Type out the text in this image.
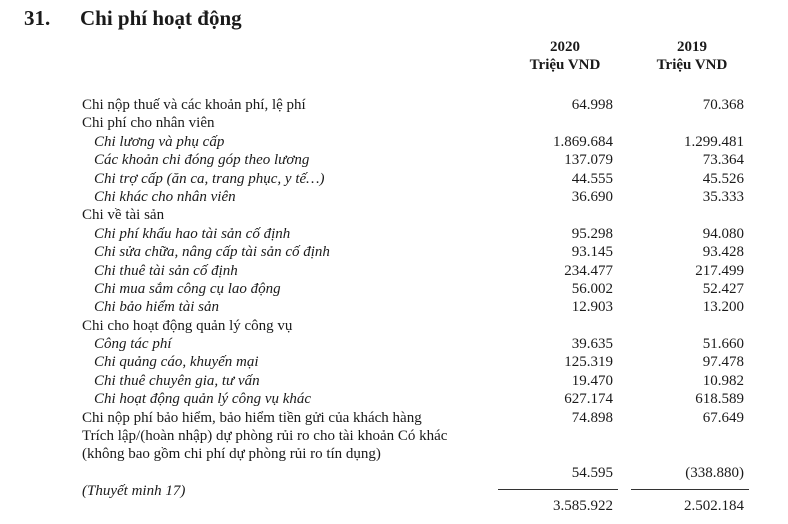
31. Chi phí hoạt động
2020
Triệu VND
2019
Triệu VND
Chi nộp thuế và các khoản phí, lệ phí	64.998	70.368
Chi phí cho nhân viên
Chi lương và phụ cấp	1.869.684	1.299.481
Các khoản chi đóng góp theo lương	137.079	73.364
Chi trợ cấp (ăn ca, trang phục, y tế…)	44.555	45.526
Chi khác cho nhân viên	36.690	35.333
Chi về tài sản
Chi phí khấu hao tài sản cố định	95.298	94.080
Chi sửa chữa, nâng cấp tài sản cố định	93.145	93.428
Chi thuê tài sản cố định	234.477	217.499
Chi mua sắm công cụ lao động	56.002	52.427
Chi bảo hiểm tài sản	12.903	13.200
Chi cho hoạt động quản lý công vụ
Công tác phí	39.635	51.660
Chi quảng cáo, khuyến mại	125.319	97.478
Chi thuê chuyên gia, tư vấn	19.470	10.982
Chi hoạt động quản lý công vụ khác	627.174	618.589
Chi nộp phí bảo hiểm, bảo hiểm tiền gửi của khách hàng	74.898	67.649
Trích lập/(hoàn nhập) dự phòng rủi ro cho tài khoản Có khác
(không bao gồm chi phí dự phòng rủi ro tín dụng)
54.595	(338.880)
(Thuyết minh 17)
3.585.922	2.502.184
